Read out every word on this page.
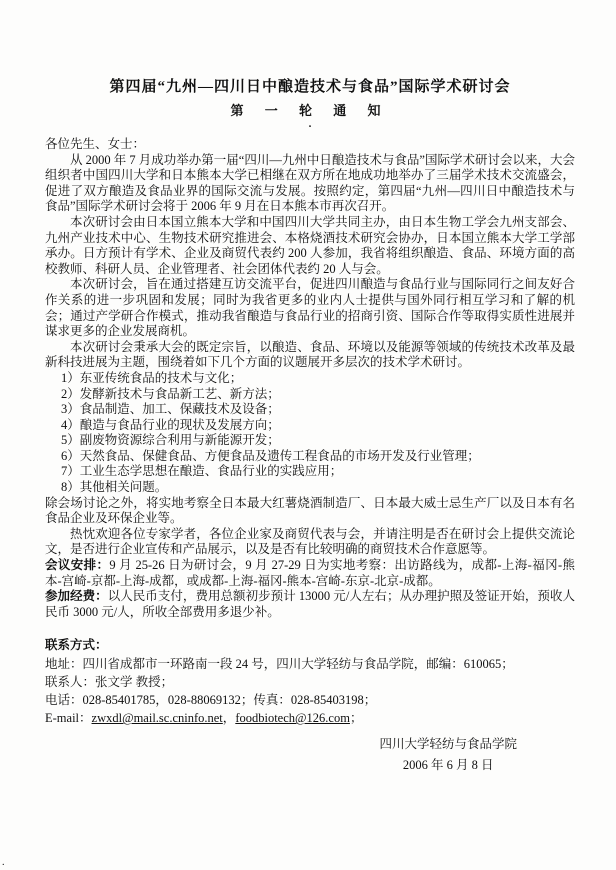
第四届“九州—四川日中酿造技术与食品”国际学术研讨会
第 一 轮 通 知
.

各位先生、女士：

从 2000 年 7 月成功举办第一届“四川—九州中日酿造技术与食品”国际学术研讨会以来，大会组织者中国四川大学和日本熊本大学已相继在双方所在地成功地举办了三届学术技术交流盛会，促进了双方酿造及食品业界的国际交流与发展。按照约定，第四届“九州—四川日中酿造技术与食品”国际学术研讨会将于 2006 年 9 月在日本熊本市再次召开。

本次研讨会由日本国立熊本大学和中国四川大学共同主办，由日本生物工学会九州支部会、九州产业技术中心、生物技术研究推进会、本格烧酒技术研究会协办，日本国立熊本大学工学部承办。日方预计有学术、企业及商贸代表约 200 人参加，我省将组织酿造、食品、环境方面的高校教师、科研人员、企业管理者、社会团体代表约 20 人与会。

本次研讨会，旨在通过搭建互访交流平台，促进四川酿造与食品行业与国际同行之间友好合作关系的进一步巩固和发展；同时为我省更多的业内人士提供与国外同行相互学习和了解的机会；通过产学研合作模式，推动我省酿造与食品行业的招商引资、国际合作等取得实质性进展并谋求更多的企业发展商机。

本次研讨会秉承大会的既定宗旨，以酿造、食品、环境以及能源等领域的传统技术改革及最新科技进展为主题，围绕着如下几个方面的议题展开多层次的技术学术研讨。

1）东亚传统食品的技术与文化；
2）发酵新技术与食品新工艺、新方法；
3）食品制造、加工、保藏技术及设备；
4）酿造与食品行业的现状及发展方向；
5）副废物资源综合利用与新能源开发；
6）天然食品、保健食品、方便食品及遗传工程食品的市场开发及行业管理；
7）工业生态学思想在酿造、食品行业的实践应用；
8）其他相关问题。

除会场讨论之外，将实地考察全日本最大红薯烧酒制造厂、日本最大威士忌生产厂以及日本有名食品企业及环保企业等。

热忱欢迎各位专家学者，各位企业家及商贸代表与会，并请注明是否在研讨会上提供交流论文，是否进行企业宣传和产品展示，以及是否有比较明确的商贸技术合作意愿等。

会议安排：9 月 25-26 日为研讨会，9 月 27-29 日为实地考察：出访路线为，成都-上海-福冈-熊本-宫崎-京都-上海-成都，或成都-上海-福冈-熊本-宫崎-东京-北京-成都。

参加经费：以人民币支付，费用总额初步预计 13000 元/人左右；从办理护照及签证开始，预收人民币 3000 元/人，所收全部费用多退少补。

联系方式：

地址：四川省成都市一环路南一段 24 号，四川大学轻纺与食品学院，邮编：610065；

联系人：张文学 教授；

电话：028-85401785，028-88069132；传真：028-85403198；

E-mail：zwxdl@mail.sc.cninfo.net，foodbiotech@126.com；

四川大学轻纺与食品学院

2006 年 6 月 8 日

.
